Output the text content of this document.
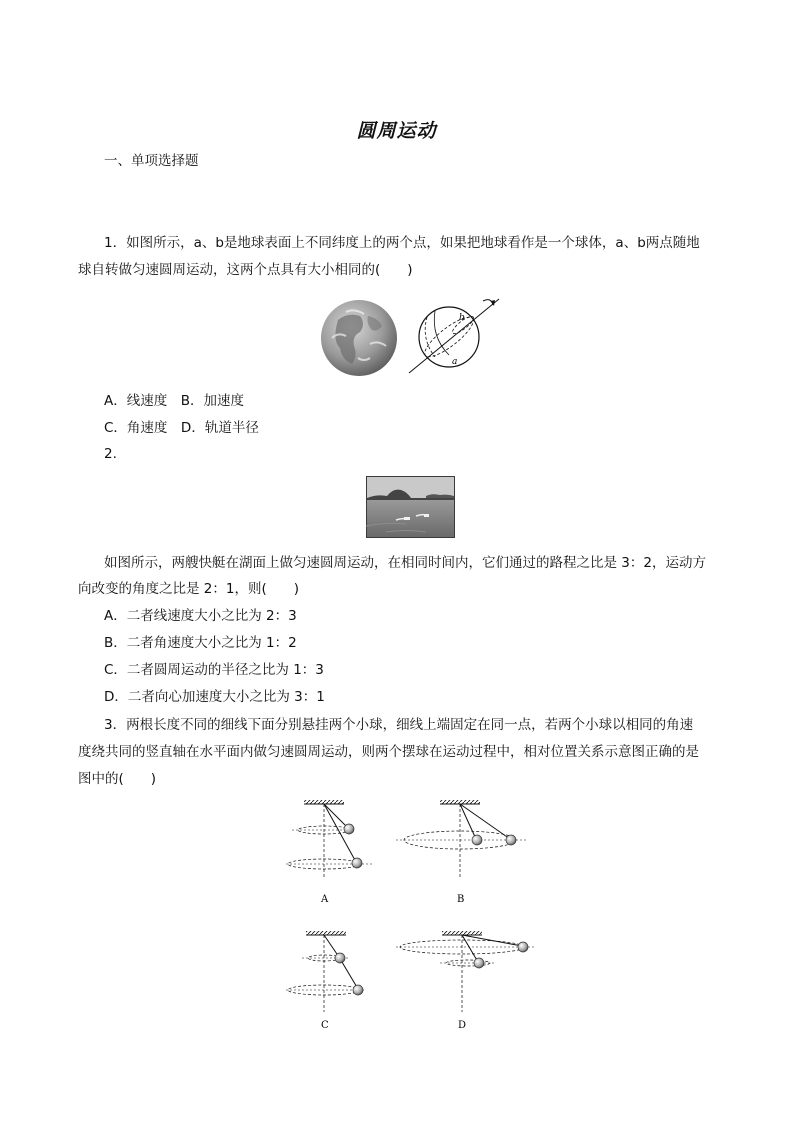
圆周运动
一、单项选择题
1．如图所示，a、b是地球表面上不同纬度上的两个点，如果把地球看作是一个球体，a、b两点随地
球自转做匀速圆周运动，这两个点具有大小相同的(　　)
b
a
A．线速度　B．加速度
C．角速度　D．轨道半径
2.
如图所示，两艘快艇在湖面上做匀速圆周运动，在相同时间内，它们通过的路程之比是 3：2，运动方
向改变的角度之比是 2：1，则(　　)
A．二者线速度大小之比为 2：3
B．二者角速度大小之比为 1：2
C．二者圆周运动的半径之比为 1：3
D．二者向心加速度大小之比为 3：1
3．两根长度不同的细线下面分别悬挂两个小球，细线上端固定在同一点，若两个小球以相同的角速
度绕共同的竖直轴在水平面内做匀速圆周运动，则两个摆球在运动过程中，相对位置关系示意图正确的是
图中的(　　)
A	B
C	D
